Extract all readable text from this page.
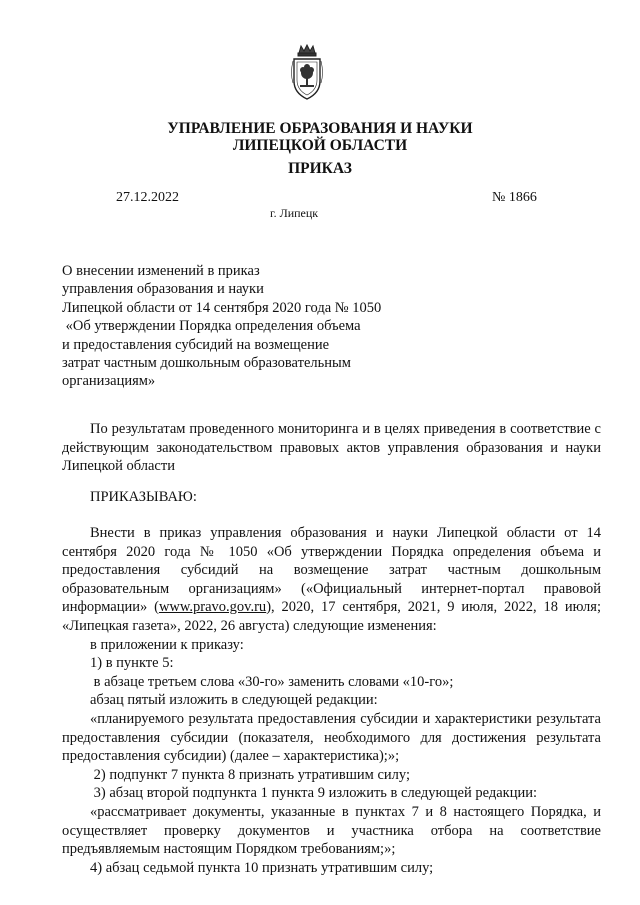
УПРАВЛЕНИЕ ОБРАЗОВАНИЯ И НАУКИ
ЛИПЕЦКОЙ ОБЛАСТИ
ПРИКАЗ
27.12.2022	№ 1866
г. Липецк
О внесении изменений в приказ
управления образования и науки
Липецкой области от 14 сентября 2020 года № 1050
«Об утверждении Порядка определения объема
и предоставления субсидий на возмещение
затрат частным дошкольным образовательным
организациям»
По результатам проведенного мониторинга и в целях приведения в соответствие с действующим законодательством правовых актов управления образования и науки Липецкой области
ПРИКАЗЫВАЮ:

Внести в приказ управления образования и науки Липецкой области от 14 сентября 2020 года № 1050 «Об утверждении Порядка определения объема и предоставления субсидий на возмещение затрат частным дошкольным образовательным организациям» («Официальный интернет-портал правовой информации» (www.pravo.gov.ru), 2020, 17 сентября, 2021, 9 июля, 2022, 18 июля; «Липецкая газета», 2022, 26 августа) следующие изменения:

в приложении к приказу:

1) в пункте 5:

в абзаце третьем слова «30-го» заменить словами «10-го»;

абзац пятый изложить в следующей редакции:

«планируемого результата предоставления субсидии и характеристики результата предоставления субсидии (показателя, необходимого для достижения результата предоставления субсидии) (далее – характеристика);»;

2) подпункт 7 пункта 8 признать утратившим силу;

3) абзац второй подпункта 1 пункта 9 изложить в следующей редакции:

«рассматривает документы, указанные в пунктах 7 и 8 настоящего Порядка, и осуществляет проверку документов и участника отбора на соответствие предъявляемым настоящим Порядком требованиям;»;

4) абзац седьмой пункта 10 признать утратившим силу;
